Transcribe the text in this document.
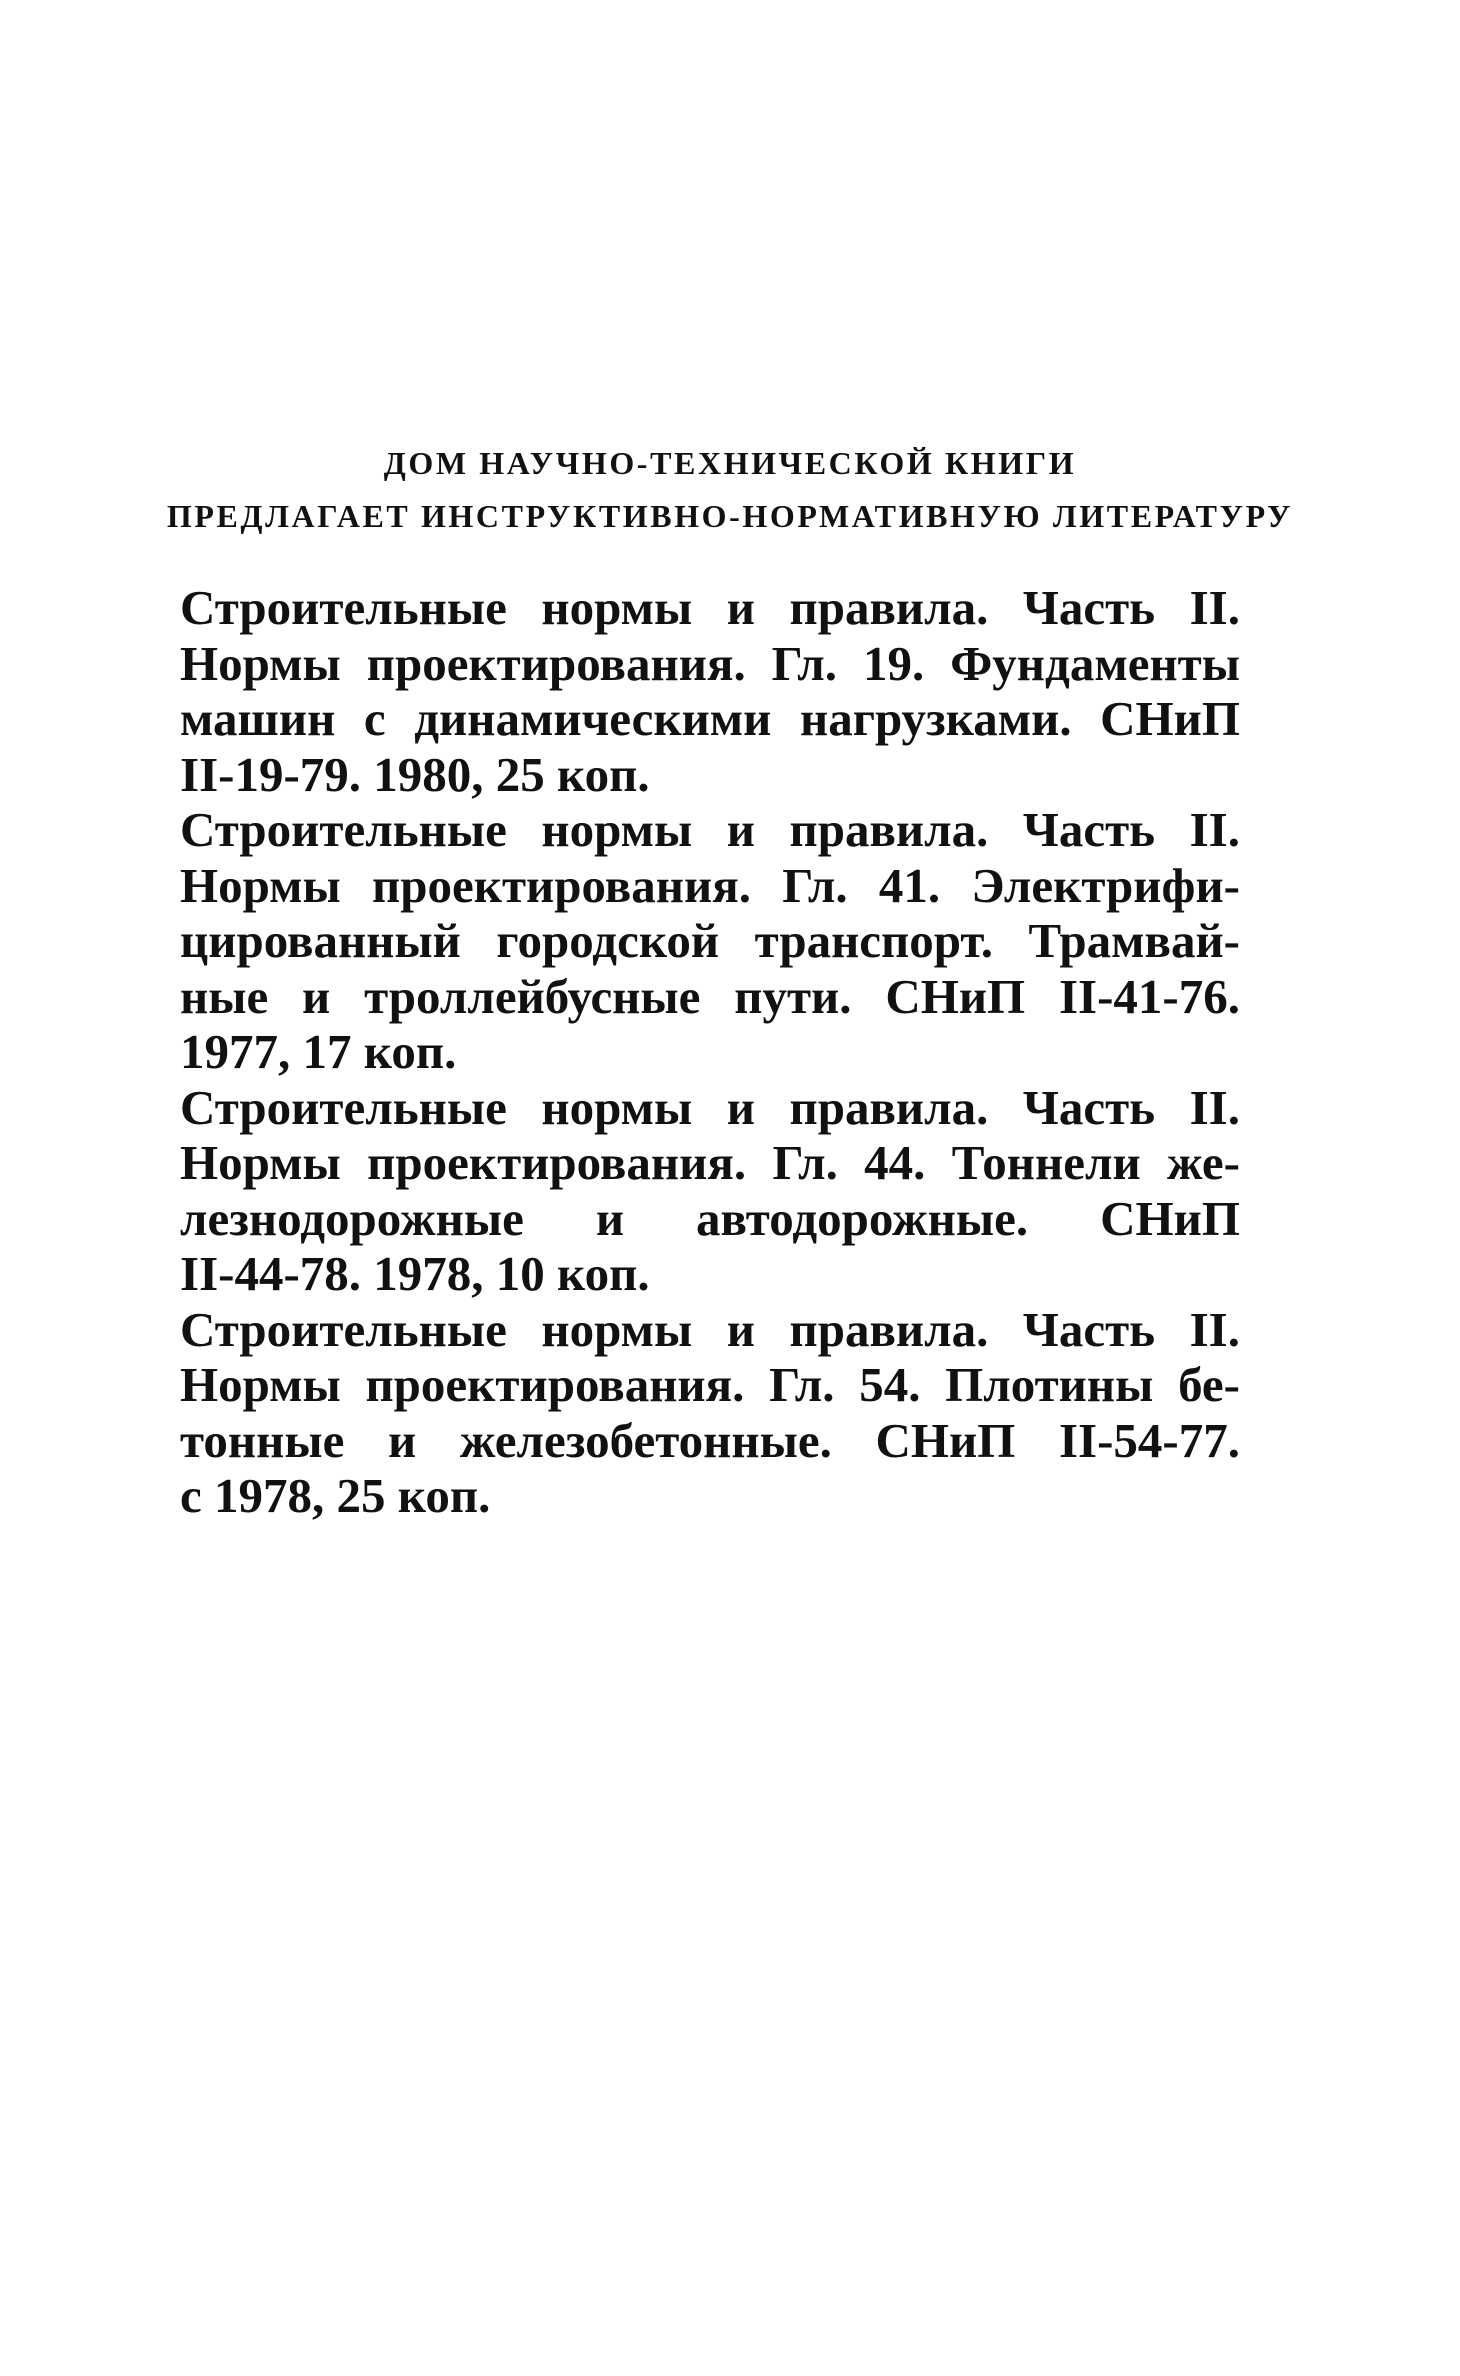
ДОМ НАУЧНО-ТЕХНИЧЕСКОЙ КНИГИ
ПРЕДЛАГАЕТ ИНСТРУКТИВНО-НОРМАТИВНУЮ ЛИТЕРАТУРУ
Строительные нормы и правила. Часть II.
Нормы проектирования. Гл. 19. Фундаменты
машин с динамическими нагрузками. СНиП
II-19-79. 1980, 25 коп.
Строительные нормы и правила. Часть II.
Нормы проектирования. Гл. 41. Электрифи-
цированный городской транспорт. Трамвай-
ные и троллейбусные пути. СНиП II-41-76.
1977, 17 коп.
Строительные нормы и правила. Часть II.
Нормы проектирования. Гл. 44. Тоннели же-
лезнодорожные и автодорожные. СНиП
II-44-78. 1978, 10 коп.
Строительные нормы и правила. Часть II.
Нормы проектирования. Гл. 54. Плотины бе-
тонные и железобетонные. СНиП II-54-77.
с 1978, 25 коп.
